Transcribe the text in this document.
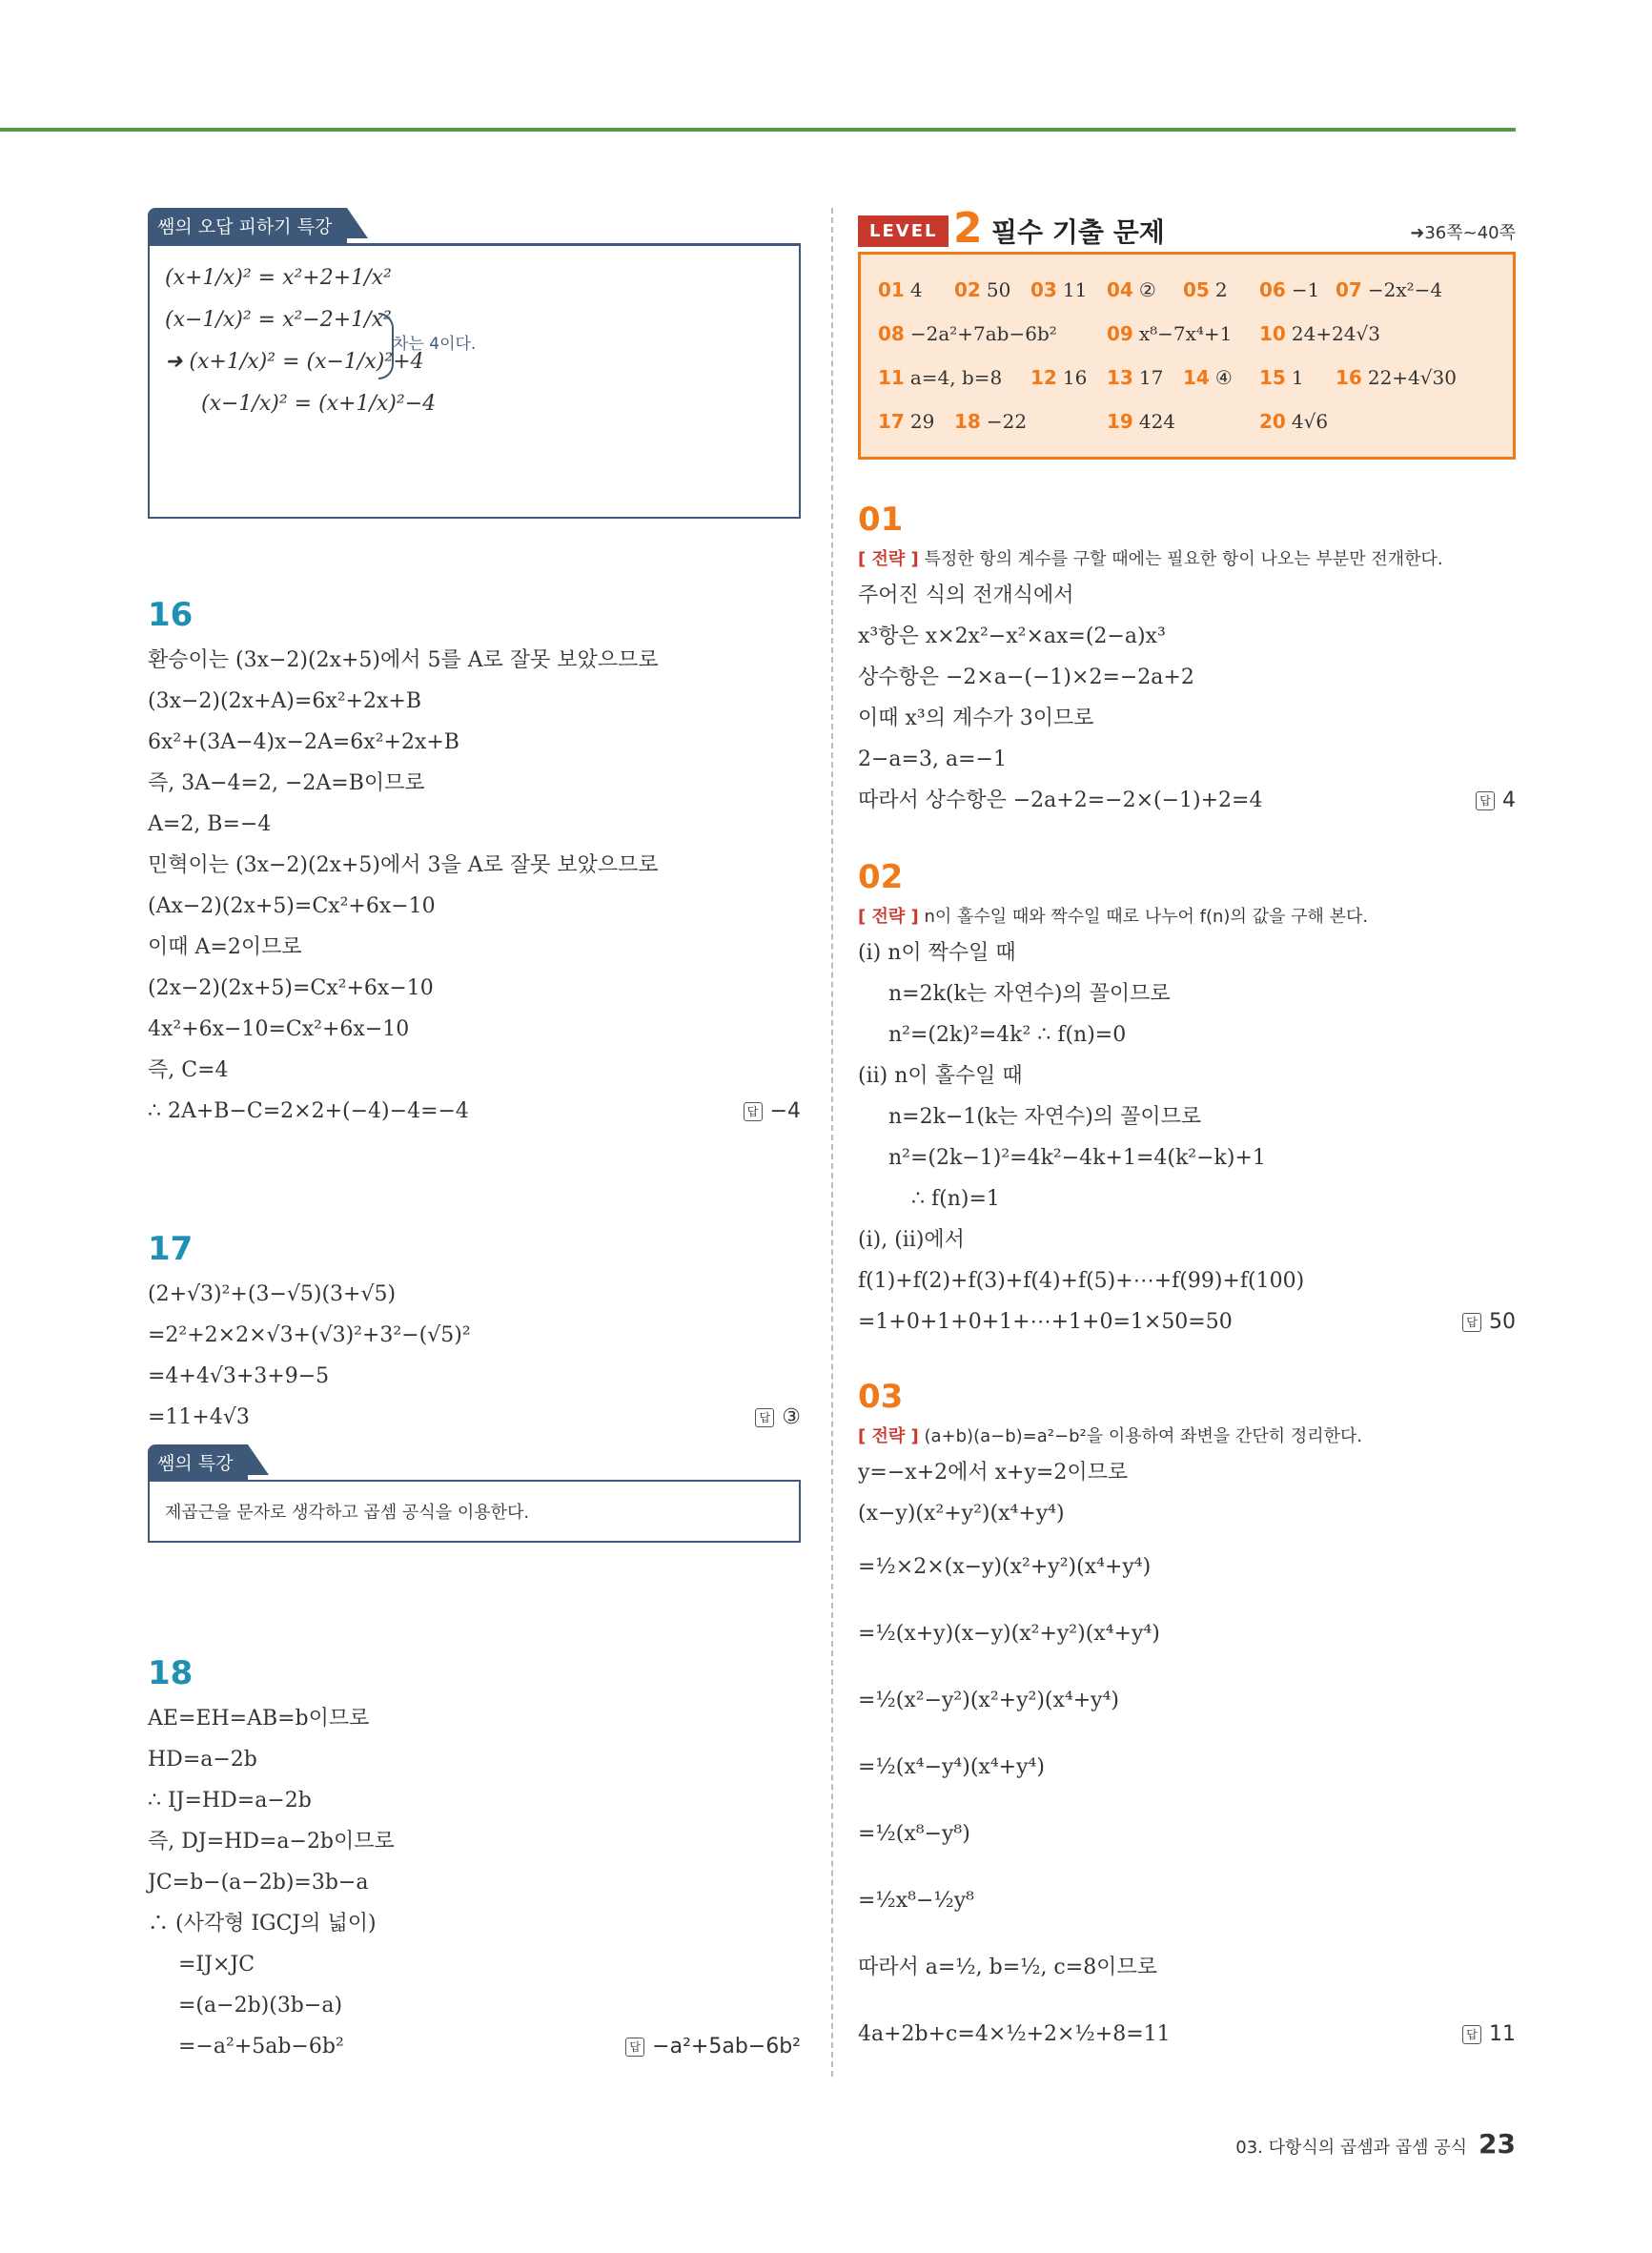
쌤의 오답 피하기 특강
(x+1/x)² = x²+2+1/x²
(x−1/x)² = x²−2+1/x²
➜ (x+1/x)² = (x−1/x)²+4
(x−1/x)² = (x+1/x)²−4
차는 4이다.
16
환승이는 (3x−2)(2x+5)에서 5를 A로 잘못 보았으므로
(3x−2)(2x+A)=6x²+2x+B
6x²+(3A−4)x−2A=6x²+2x+B
즉, 3A−4=2, −2A=B이므로
A=2, B=−4
민혁이는 (3x−2)(2x+5)에서 3을 A로 잘못 보았으므로
(Ax−2)(2x+5)=Cx²+6x−10
이때 A=2이므로
(2x−2)(2x+5)=Cx²+6x−10
4x²+6x−10=Cx²+6x−10
즉, C=4
∴ 2A+B−C=2×2+(−4)−4=−4	답 −4
17
(2+√3)²+(3−√5)(3+√5)
=2²+2×2×√3+(√3)²+3²−(√5)²
=4+4√3+3+9−5
=11+4√3	답 ③
쌤의 특강
제곱근을 문자로 생각하고 곱셈 공식을 이용한다.
18
AE=EH=AB=b이므로
HD=a−2b
∴ IJ=HD=a−2b
즉, DJ=HD=a−2b이므로
JC=b−(a−2b)=3b−a
∴ (사각형 IGCJ의 넓이)
=IJ×JC
=(a−2b)(3b−a)
=−a²+5ab−6b²	답 −a²+5ab−6b²
LEVEL 2 필수 기출 문제	➜36쪽~40쪽
01 4	02 50	03 11	04 ②	05 2	06 −1 07 −2x²−4
08 −2a²+7ab−6b²	09 x⁸−7x⁴+1	10 24+24√3
11 a=4, b=8	12 16	13 17	14 ④	15 1	16 22+4√30
17 29	18 −22	19 424	20 4√6
01
[ 전략 ] 특정한 항의 계수를 구할 때에는 필요한 항이 나오는 부분만 전개한다.
주어진 식의 전개식에서
x³항은 x×2x²−x²×ax=(2−a)x³
상수항은 −2×a−(−1)×2=−2a+2
이때 x³의 계수가 3이므로
2−a=3, a=−1
따라서 상수항은 −2a+2=−2×(−1)+2=4	답 4
02
[ 전략 ] n이 홀수일 때와 짝수일 때로 나누어 f(n)의 값을 구해 본다.
(ⅰ) n이 짝수일 때
n=2k(k는 자연수)의 꼴이므로
n²=(2k)²=4k² ∴ f(n)=0
(ⅱ) n이 홀수일 때
n=2k−1(k는 자연수)의 꼴이므로
n²=(2k−1)²=4k²−4k+1=4(k²−k)+1
∴ f(n)=1
(ⅰ), (ⅱ)에서
f(1)+f(2)+f(3)+f(4)+f(5)+⋯+f(99)+f(100)
=1+0+1+0+1+⋯+1+0=1×50=50	답 50
03
[ 전략 ] (a+b)(a−b)=a²−b²을 이용하여 좌변을 간단히 정리한다.
y=−x+2에서 x+y=2이므로
(x−y)(x²+y²)(x⁴+y⁴)
=½×2×(x−y)(x²+y²)(x⁴+y⁴)
=½(x+y)(x−y)(x²+y²)(x⁴+y⁴)
=½(x²−y²)(x²+y²)(x⁴+y⁴)
=½(x⁴−y⁴)(x⁴+y⁴)
=½(x⁸−y⁸)
=½x⁸−½y⁸
따라서 a=½, b=½, c=8이므로
4a+2b+c=4×½+2×½+8=11	답 11
03. 다항식의 곱셈과 곱셈 공식 23
